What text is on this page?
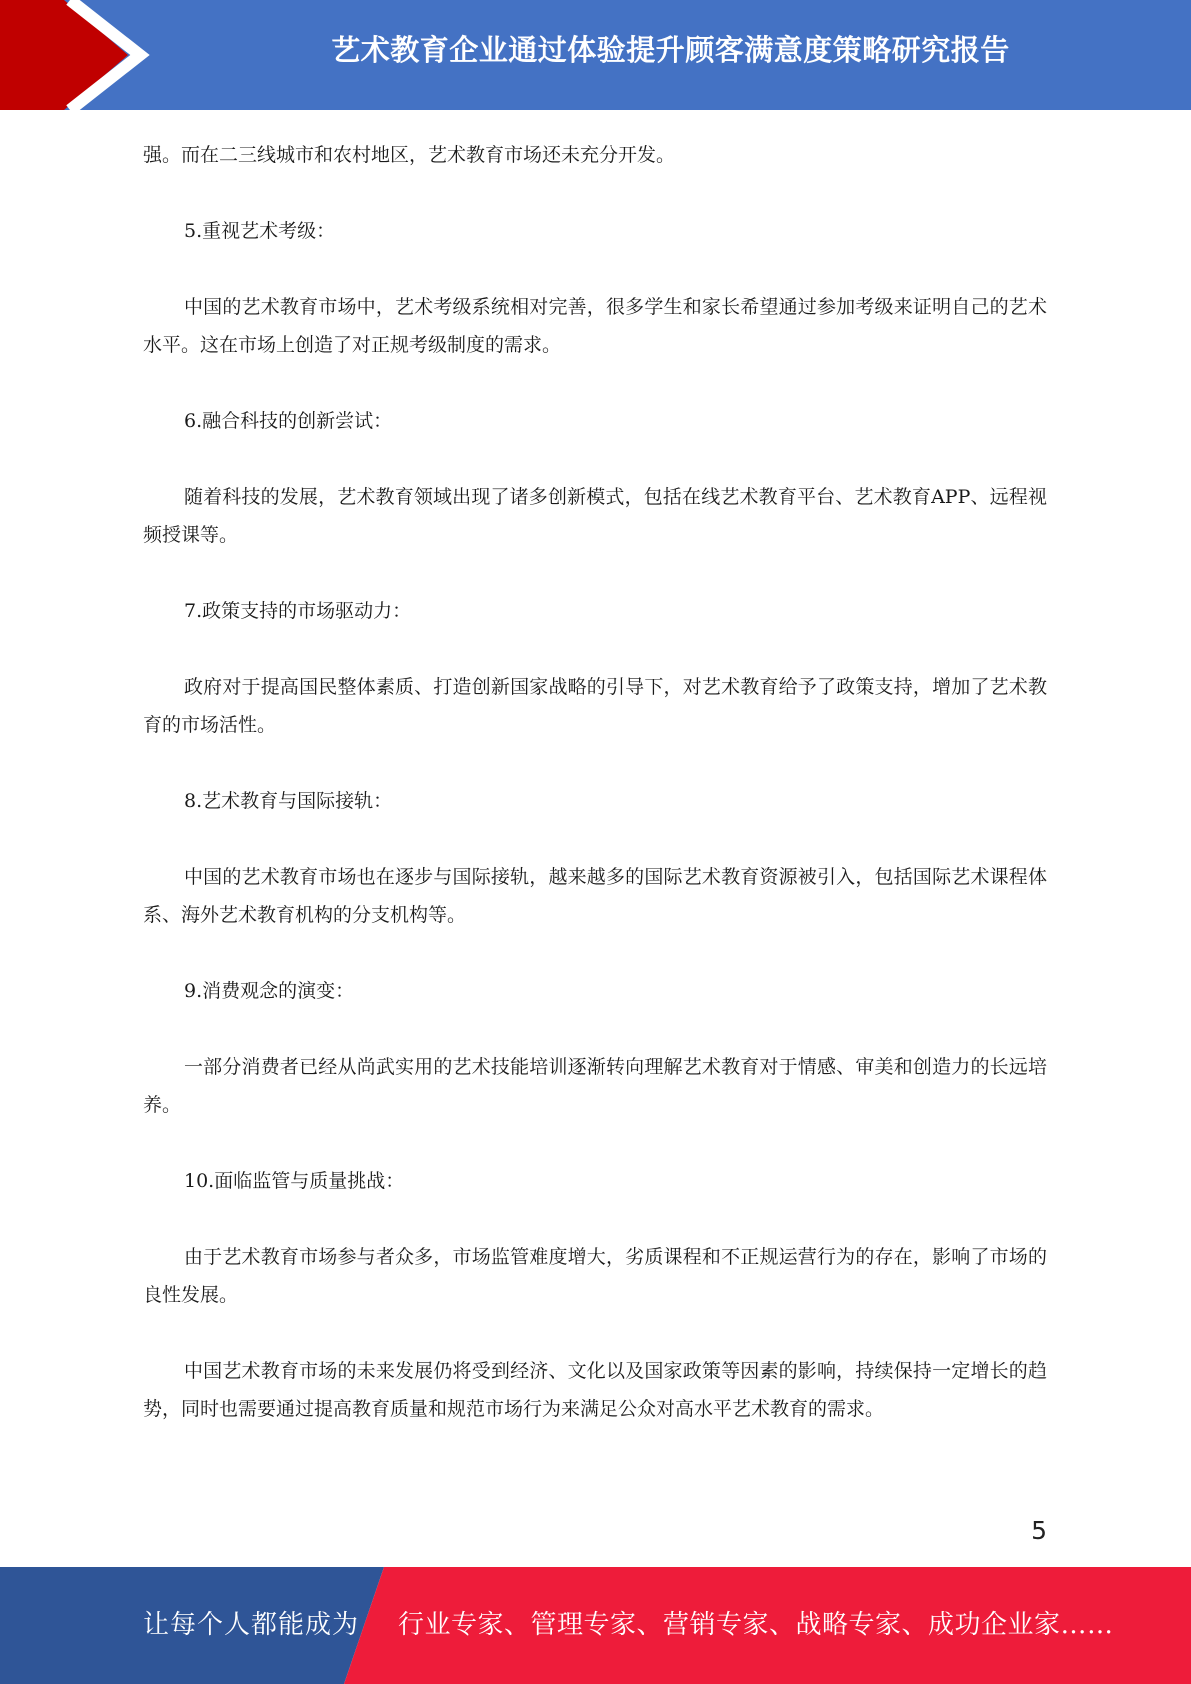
艺术教育企业通过体验提升顾客满意度策略研究报告

强。而在二三线城市和农村地区，艺术教育市场还未充分开发。

5.重视艺术考级：

中国的艺术教育市场中，艺术考级系统相对完善，很多学生和家长希望通过参加考级来证明自己的艺术水平。这在市场上创造了对正规考级制度的需求。

6.融合科技的创新尝试：

随着科技的发展，艺术教育领域出现了诸多创新模式，包括在线艺术教育平台、艺术教育APP、远程视频授课等。

7.政策支持的市场驱动力：

政府对于提高国民整体素质、打造创新国家战略的引导下，对艺术教育给予了政策支持，增加了艺术教育的市场活性。

8.艺术教育与国际接轨：

中国的艺术教育市场也在逐步与国际接轨，越来越多的国际艺术教育资源被引入，包括国际艺术课程体系、海外艺术教育机构的分支机构等。

9.消费观念的演变：

一部分消费者已经从尚武实用的艺术技能培训逐渐转向理解艺术教育对于情感、审美和创造力的长远培养。

10.面临监管与质量挑战：

由于艺术教育市场参与者众多，市场监管难度增大，劣质课程和不正规运营行为的存在，影响了市场的良性发展。

中国艺术教育市场的未来发展仍将受到经济、文化以及国家政策等因素的影响，持续保持一定增长的趋势，同时也需要通过提高教育质量和规范市场行为来满足公众对高水平艺术教育的需求。

5
让每个人都能成为 行业专家、管理专家、营销专家、战略专家、成功企业家……
